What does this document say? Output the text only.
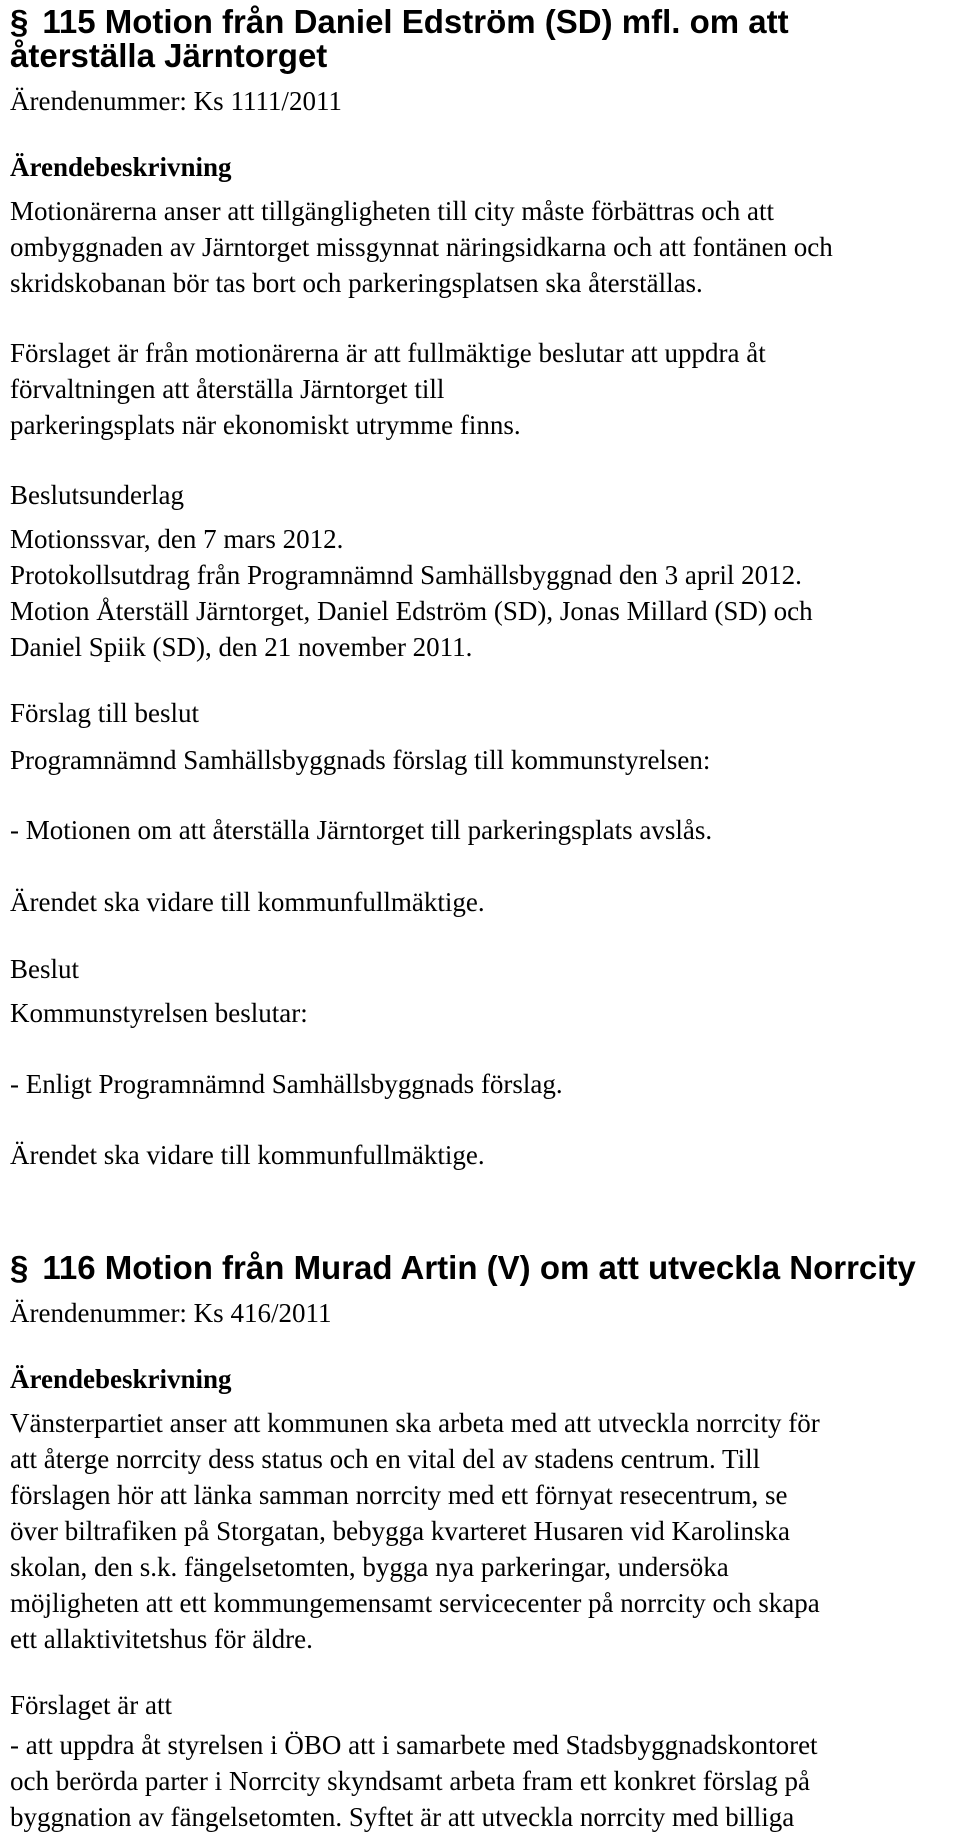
§ 115 Motion från Daniel Edström (SD) mfl. om att
återställa Järntorget
Ärendenummer: Ks 1111/2011
Ärendebeskrivning
Motionärerna anser att tillgängligheten till city måste förbättras och att
ombyggnaden av Järntorget missgynnat näringsidkarna och att fontänen och
skridskobanan bör tas bort och parkeringsplatsen ska återställas.
Förslaget är från motionärerna är att fullmäktige beslutar att uppdra åt
förvaltningen att återställa Järntorget till
parkeringsplats när ekonomiskt utrymme finns.
Beslutsunderlag
Motionssvar, den 7 mars 2012.
Protokollsutdrag från Programnämnd Samhällsbyggnad den 3 april 2012.
Motion Återställ Järntorget, Daniel Edström (SD), Jonas Millard (SD) och
Daniel Spiik (SD), den 21 november 2011.
Förslag till beslut
Programnämnd Samhällsbyggnads förslag till kommunstyrelsen:
- Motionen om att återställa Järntorget till parkeringsplats avslås.
Ärendet ska vidare till kommunfullmäktige.
Beslut
Kommunstyrelsen beslutar:
- Enligt Programnämnd Samhällsbyggnads förslag.
Ärendet ska vidare till kommunfullmäktige.
§ 116 Motion från Murad Artin (V) om att utveckla Norrcity
Ärendenummer: Ks 416/2011
Ärendebeskrivning
Vänsterpartiet anser att kommunen ska arbeta med att utveckla norrcity för
att återge norrcity dess status och en vital del av stadens centrum. Till
förslagen hör att länka samman norrcity med ett förnyat resecentrum, se
över biltrafiken på Storgatan, bebygga kvarteret Husaren vid Karolinska
skolan, den s.k. fängelsetomten, bygga nya parkeringar, undersöka
möjligheten att ett kommungemensamt servicecenter på norrcity och skapa
ett allaktivitetshus för äldre.
Förslaget är att
- att uppdra åt styrelsen i ÖBO att i samarbete med Stadsbyggnadskontoret
och berörda parter i Norrcity skyndsamt arbeta fram ett konkret förslag på
byggnation av fängelsetomten. Syftet är att utveckla norrcity med billiga
